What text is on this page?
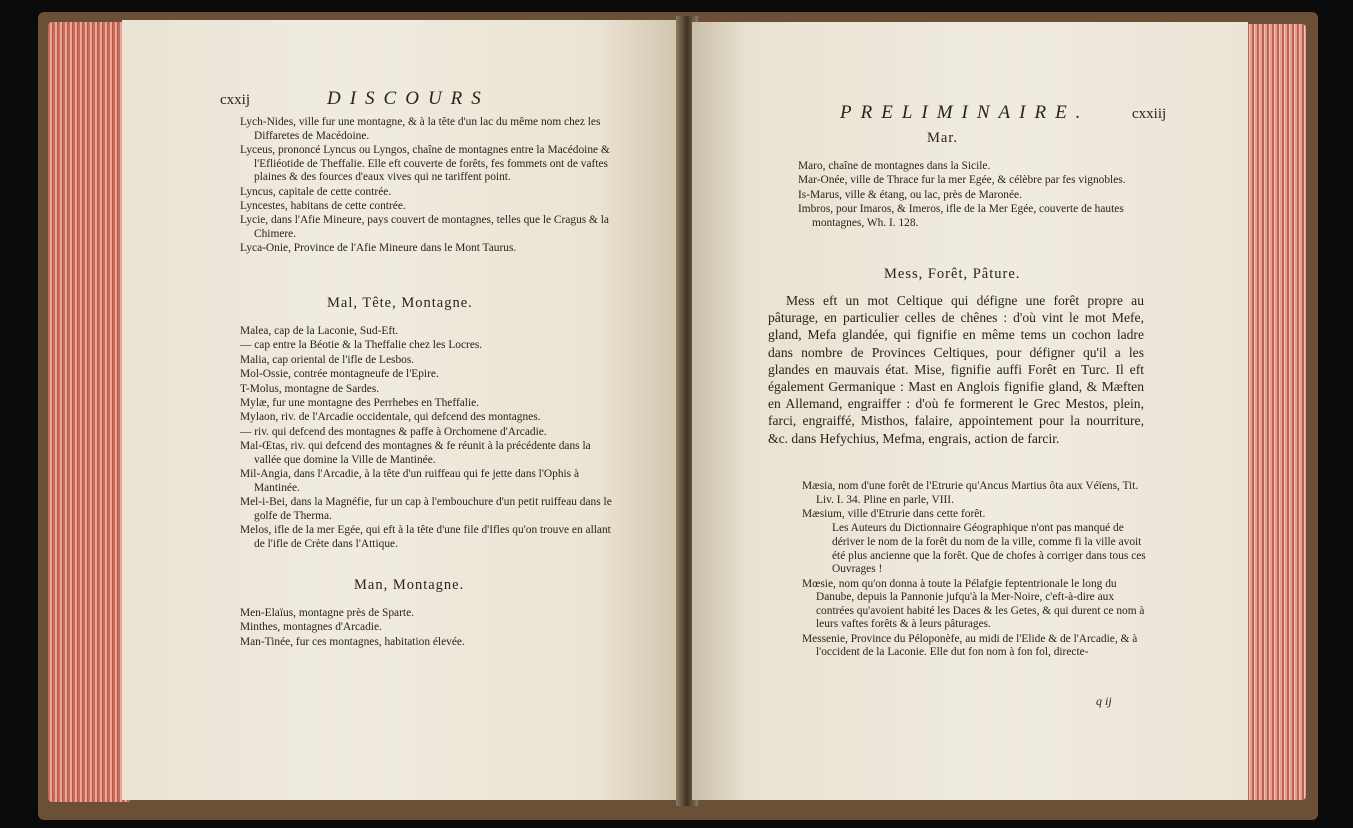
cxxij	DISCOURS

Lych-Nides, ville fur une montagne, & à la tête d'un lac du même nom chez les Diffaretes de Macédoine.

Lyceus, prononcé Lyncus ou Lyngos, chaîne de montagnes entre la Macédoine & l'Efliéotide de Theffalie. Elle eft couverte de forêts, fes fommets ont de vaftes plaines & des fources d'eaux vives qui ne tariffent point.

Lyncus, capitale de cette contrée.

Lyncestes, habitans de cette contrée.

Lycie, dans l'Afie Mineure, pays couvert de montagnes, telles que le Cragus & la Chimere.

Lyca-Onie, Province de l'Afie Mineure dans le Mont Taurus.

Mal, Tête, Montagne.

Malea, cap de la Laconie, Sud-Eft.

— cap entre la Béotie & la Theffalie chez les Locres.

Malia, cap oriental de l'ifle de Lesbos.

Mol-Ossie, contrée montagneufe de l'Epire.

T-Molus, montagne de Sardes.

Mylæ, fur une montagne des Perrhebes en Theffalie.

Mylaon, riv. de l'Arcadie occidentale, qui defcend des montagnes.

— riv. qui defcend des montagnes & paffe à Orchomene d'Arcadie.

Mal-Œtas, riv. qui defcend des montagnes & fe réunit à la précédente dans la vallée que domine la Ville de Mantinée.

Mil-Angia, dans l'Arcadie, à la tête d'un ruiffeau qui fe jette dans l'Ophis à Mantinée.

Mel-i-Bei, dans la Magnéfie, fur un cap à l'embouchure d'un petit ruiffeau dans le golfe de Therma.

Melos, ifle de la mer Egée, qui eft à la tête d'une file d'Ifles qu'on trouve en allant de l'ifle de Crète dans l'Attique.

Man, Montagne.

Men-Elaïus, montagne près de Sparte.

Minthes, montagnes d'Arcadie.

Man-Tinée, fur ces montagnes, habitation élevée.

PRELIMINAIRE.	cxxiij
Mar.

Maro, chaîne de montagnes dans la Sicile.

Mar-Onée, ville de Thrace fur la mer Egée, & célèbre par fes vignobles.

Is-Marus, ville & étang, ou lac, près de Maronée.

Imbros, pour Imaros, & Imeros, ifle de la Mer Egée, couverte de hautes montagnes, Wh. I. 128.

Mess, Forêt, Pâture.

Mess eft un mot Celtique qui défigne une forêt propre au pâturage, en particulier celles de chênes : d'où vint le mot Mefe, gland, Mefa glandée, qui fignifie en même tems un cochon ladre dans nombre de Provinces Celtiques, pour défigner qu'il a les glandes en mauvais état. Mise, fignifie auffi Forêt en Turc. Il eft également Germanique : Mast en Anglois fignifie gland, & Mæften en Allemand, engraiffer : d'où fe formerent le Grec Mestos, plein, farci, engraiffé, Misthos, falaire, appointement pour la nourriture, &c. dans Hefychius, Mefma, engrais, action de farcir.

Mæsia, nom d'une forêt de l'Etrurie qu'Ancus Martius ôta aux Véïens, Tit. Liv. I. 34. Pline en parle, VIII.

Mæsium, ville d'Etrurie dans cette forêt.

Les Auteurs du Dictionnaire Géographique n'ont pas manqué de dériver le nom de la forêt du nom de la ville, comme fi la ville avoit été plus ancienne que la forêt. Que de chofes à corriger dans tous ces Ouvrages !

Mœsie, nom qu'on donna à toute la Pélafgie feptentrionale le long du Danube, depuis la Pannonie jufqu'à la Mer-Noire, c'eft-à-dire aux contrées qu'avoient habité les Daces & les Getes, & qui durent ce nom à leurs vaftes forêts & à leurs pâturages.

Messenie, Province du Péloponèfe, au midi de l'Elide & de l'Arcadie, & à l'occident de la Laconie. Elle dut fon nom à fon fol, directe-

q ij
